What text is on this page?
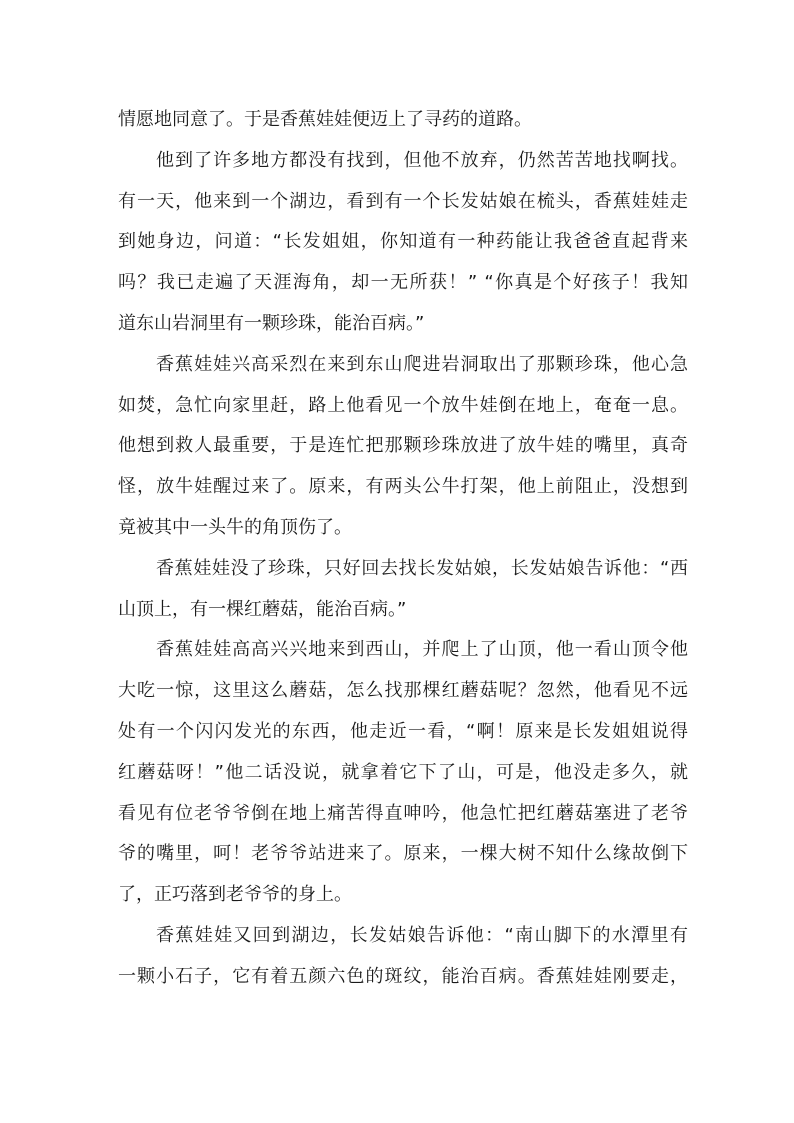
情愿地同意了。于是香蕉娃娃便迈上了寻药的道路。
他到了许多地方都没有找到，但他不放弃，仍然苦苦地找啊找。
有一天，他来到一个湖边，看到有一个长发姑娘在梳头，香蕉娃娃走
到她身边，问道：“长发姐姐，你知道有一种药能让我爸爸直起背来
吗？我已走遍了天涯海角，却一无所获！” “你真是个好孩子！我知
道东山岩洞里有一颗珍珠，能治百病。”
香蕉娃娃兴高采烈在来到东山爬进岩洞取出了那颗珍珠，他心急
如焚，急忙向家里赶，路上他看见一个放牛娃倒在地上，奄奄一息。
他想到救人最重要，于是连忙把那颗珍珠放进了放牛娃的嘴里，真奇
怪，放牛娃醒过来了。原来，有两头公牛打架，他上前阻止，没想到
竟被其中一头牛的角顶伤了。
香蕉娃娃没了珍珠，只好回去找长发姑娘，长发姑娘告诉他：“西
山顶上，有一棵红蘑菇，能治百病。”
香蕉娃娃高高兴兴地来到西山，并爬上了山顶，他一看山顶令他
大吃一惊，这里这么蘑菇，怎么找那棵红蘑菇呢？忽然，他看见不远
处有一个闪闪发光的东西，他走近一看，“啊！原来是长发姐姐说得
红蘑菇呀！”他二话没说，就拿着它下了山，可是，他没走多久，就
看见有位老爷爷倒在地上痛苦得直呻吟，他急忙把红蘑菇塞进了老爷
爷的嘴里，呵！老爷爷站进来了。原来，一棵大树不知什么缘故倒下
了，正巧落到老爷爷的身上。
香蕉娃娃又回到湖边，长发姑娘告诉他：“南山脚下的水潭里有
一颗小石子，它有着五颜六色的斑纹，能治百病。香蕉娃娃刚要走，
